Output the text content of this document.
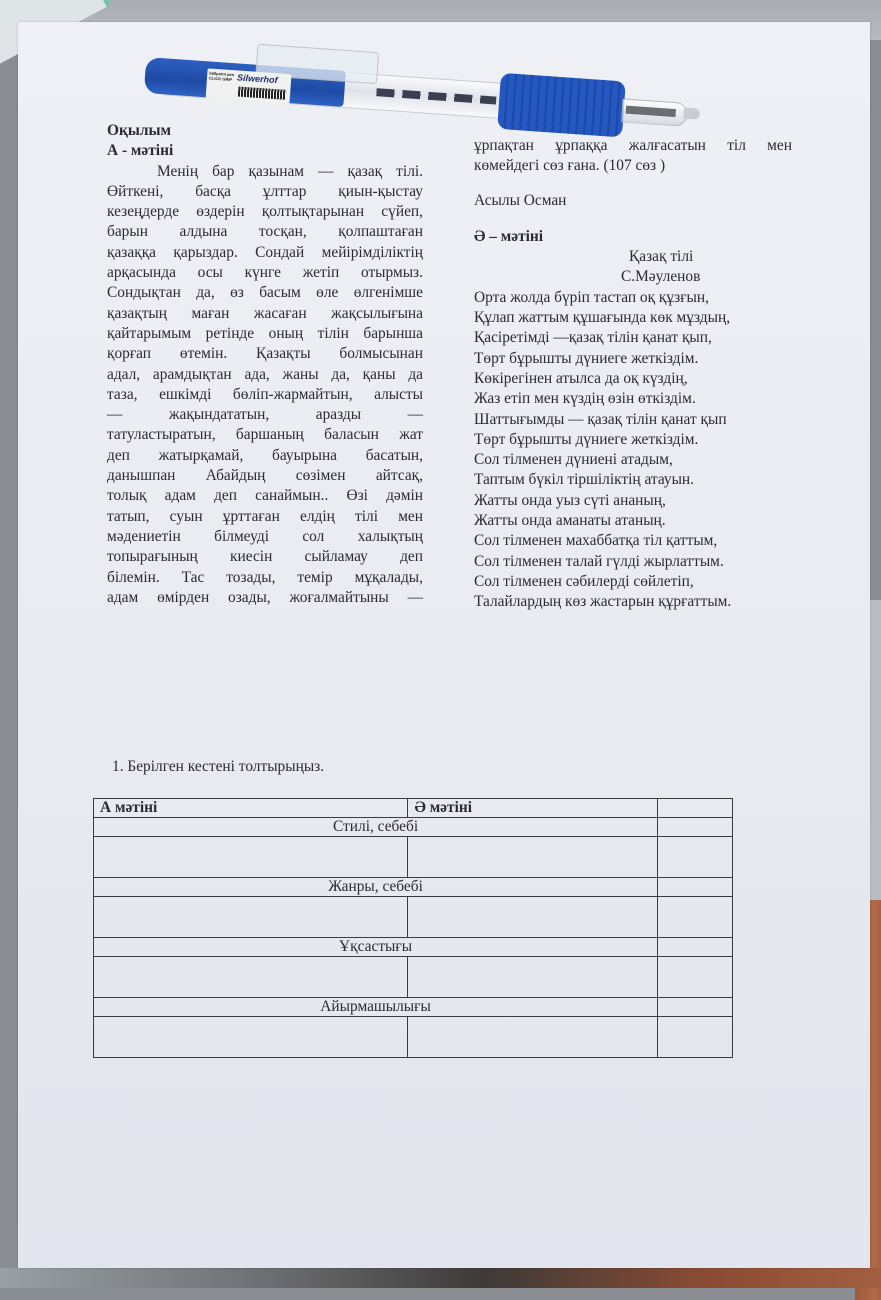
ballpoint pen CLICK GRIP Silwerhof
Оқылым
А - мәтіні
Менің бар қазынам — қазақ тілі.
Өйткені, басқа ұлттар қиын-қыстау
кезеңдерде өздерін қолтықтарынан сүйеп,
барын алдына тосқан, қолпаштаған
қазаққа қарыздар. Сондай мейірімділіктің
арқасында осы күнге жетіп отырмыз.
Сондықтан да, өз басым өле өлгенімше
қазақтың маған жасаған жақсылығына
қайтарымым ретінде оның тілін барынша
қорғап өтемін. Қазақты болмысынан
адал, арамдықтан ада, жаны да, қаны да
таза, ешкімді бөліп-жармайтын, алысты
— жақындататын, аразды —
татуластыратын, баршаның баласын жат
деп жатырқамай, бауырына басатын,
данышпан Абайдың сөзімен айтсақ,
толық адам деп санаймын.. Өзі дәмін
татып, суын ұрттаған елдің тілі мен
мәдениетін білмеуді сол халықтың
топырағының киесін сыйламау деп
білемін. Тас тозады, темір мұқалады,
адам өмірден озады, жоғалмайтыны —
ұрпақтан ұрпаққа жалғасатын тіл мен
көмейдегі сөз ғана. (107 сөз )
Асылы Осман
Ә – мәтіні
Қазақ тілі
С.Мәуленов
Орта жолда бүріп тастап оқ құзғын,
Құлап жаттым құшағында көк мұздың,
Қасіретімді —қазақ тілін қанат қып,
Төрт бұрышты дүниеге жеткіздім.
Көкірегінен атылса да оқ күздің,
Жаз етіп мен күздің өзін өткіздім.
Шаттығымды — қазақ тілін қанат қып
Төрт бұрышты дүниеге жеткіздім.
Сол тілменен дүниені атадым,
Таптым бүкіл тіршіліктің атауын.
Жатты онда уыз сүті ананың,
Жатты онда аманаты атаның.
Сол тілменен махаббатқа тіл қаттым,
Сол тілменен талай гүлді жырлаттым.
Сол тілменен сәбилерді сөйлетіп,
Талайлардың көз жастарын құрғаттым.
1. Берілген кестені толтырыңыз.
А мәтіні	Ә мәтіні	
Стилі, себебі		

Жанры, себебі		

Ұқсастығы		

Айырмашылығы		
